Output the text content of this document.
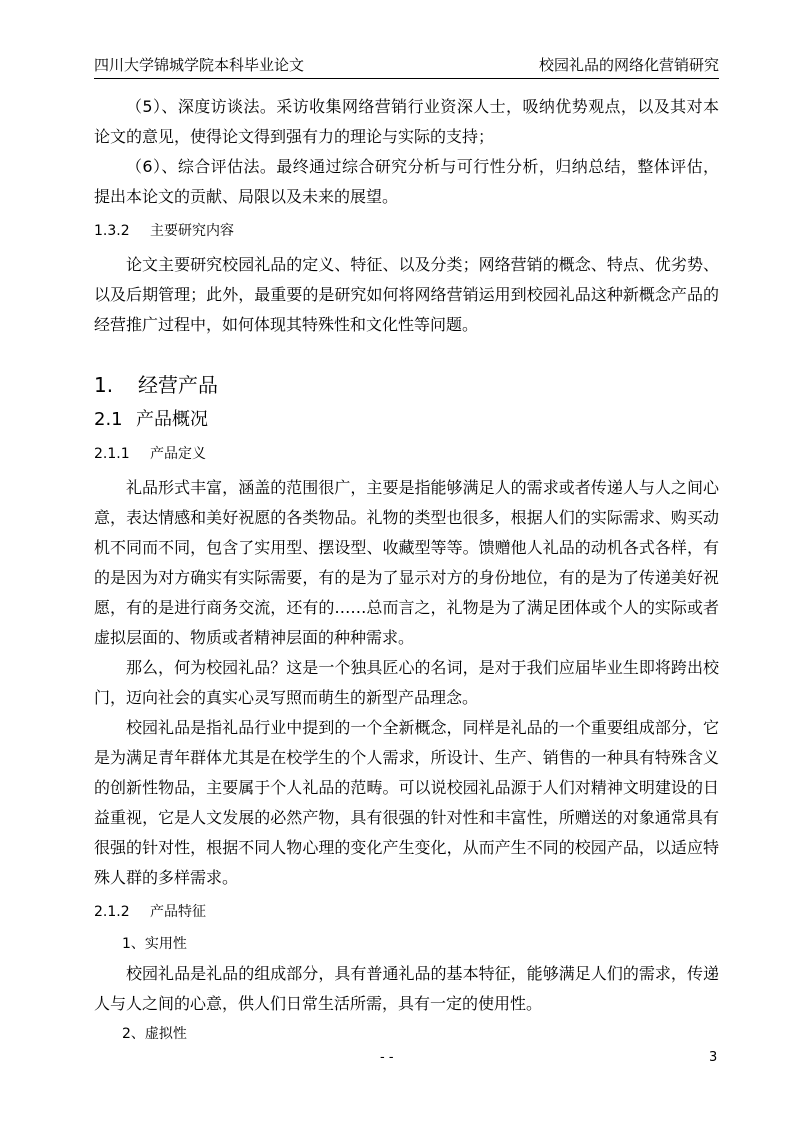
四川大学锦城学院本科毕业论文	校园礼品的网络化营销研究

（5）、深度访谈法。采访收集网络营销行业资深人士，吸纳优势观点，以及其对本论文的意见，使得论文得到强有力的理论与实际的支持；

（6）、综合评估法。最终通过综合研究分析与可行性分析，归纳总结，整体评估，提出本论文的贡献、局限以及未来的展望。

1.3.2 主要研究内容

论文主要研究校园礼品的定义、特征、以及分类；网络营销的概念、特点、优劣势、以及后期管理；此外，最重要的是研究如何将网络营销运用到校园礼品这种新概念产品的经营推广过程中，如何体现其特殊性和文化性等问题。

1. 经营产品
2.1 产品概况
2.1.1 产品定义

礼品形式丰富，涵盖的范围很广，主要是指能够满足人的需求或者传递人与人之间心意，表达情感和美好祝愿的各类物品。礼物的类型也很多，根据人们的实际需求、购买动机不同而不同，包含了实用型、摆设型、收藏型等等。馈赠他人礼品的动机各式各样，有的是因为对方确实有实际需要，有的是为了显示对方的身份地位，有的是为了传递美好祝愿，有的是进行商务交流，还有的……总而言之，礼物是为了满足团体或个人的实际或者虚拟层面的、物质或者精神层面的种种需求。

那么，何为校园礼品？这是一个独具匠心的名词，是对于我们应届毕业生即将跨出校门，迈向社会的真实心灵写照而萌生的新型产品理念。

校园礼品是指礼品行业中提到的一个全新概念，同样是礼品的一个重要组成部分，它是为满足青年群体尤其是在校学生的个人需求，所设计、生产、销售的一种具有特殊含义的创新性物品，主要属于个人礼品的范畴。可以说校园礼品源于人们对精神文明建设的日益重视，它是人文发展的必然产物，具有很强的针对性和丰富性，所赠送的对象通常具有很强的针对性，根据不同人物心理的变化产生变化，从而产生不同的校园产品，以适应特殊人群的多样需求。

2.1.2 产品特征
1、实用性

校园礼品是礼品的组成部分，具有普通礼品的基本特征，能够满足人们的需求，传递人与人之间的心意，供人们日常生活所需，具有一定的使用性。

2、虚拟性
- -	3
